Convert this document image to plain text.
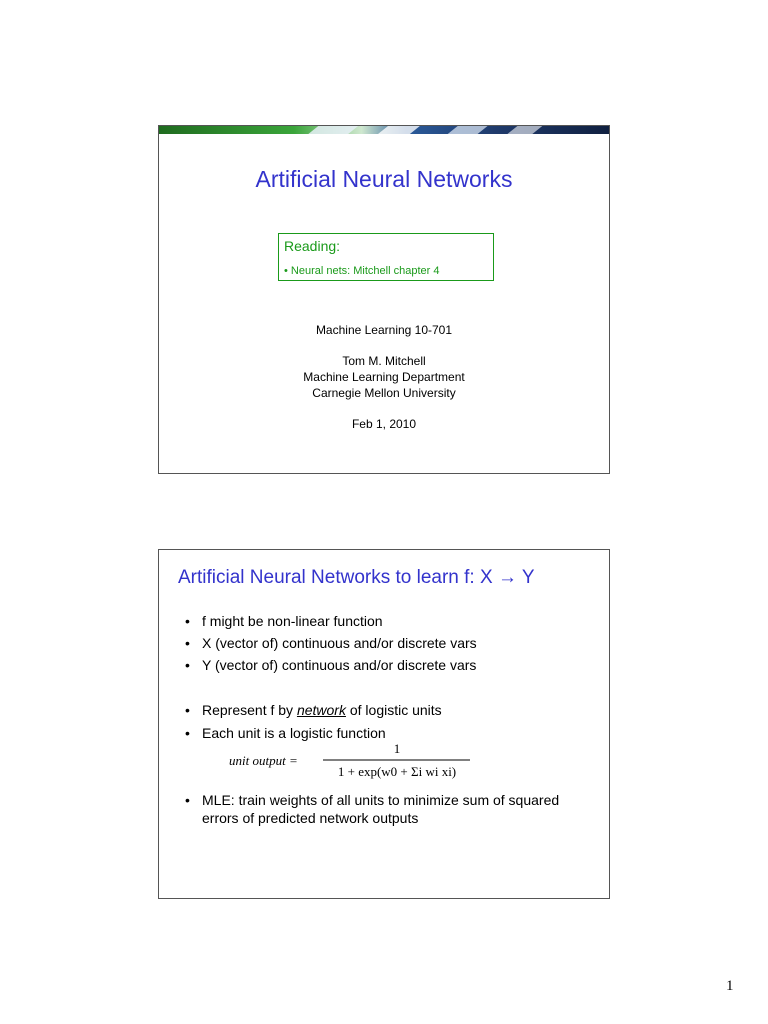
Artificial Neural Networks
Reading:
• Neural nets: Mitchell chapter 4
Machine Learning 10-701
Tom M. Mitchell
Machine Learning Department
Carnegie Mellon University
Feb 1, 2010
Artificial Neural Networks to learn f: X → Y
• f might be non-linear function
• X (vector of) continuous and/or discrete vars
• Y (vector of) continuous and/or discrete vars
• Represent f by network of logistic units
• Each unit is a logistic function
unit output =
1
1 + exp(w0 + Σi wi xi)
• MLE: train weights of all units to minimize sum of squared errors of predicted network outputs
1
